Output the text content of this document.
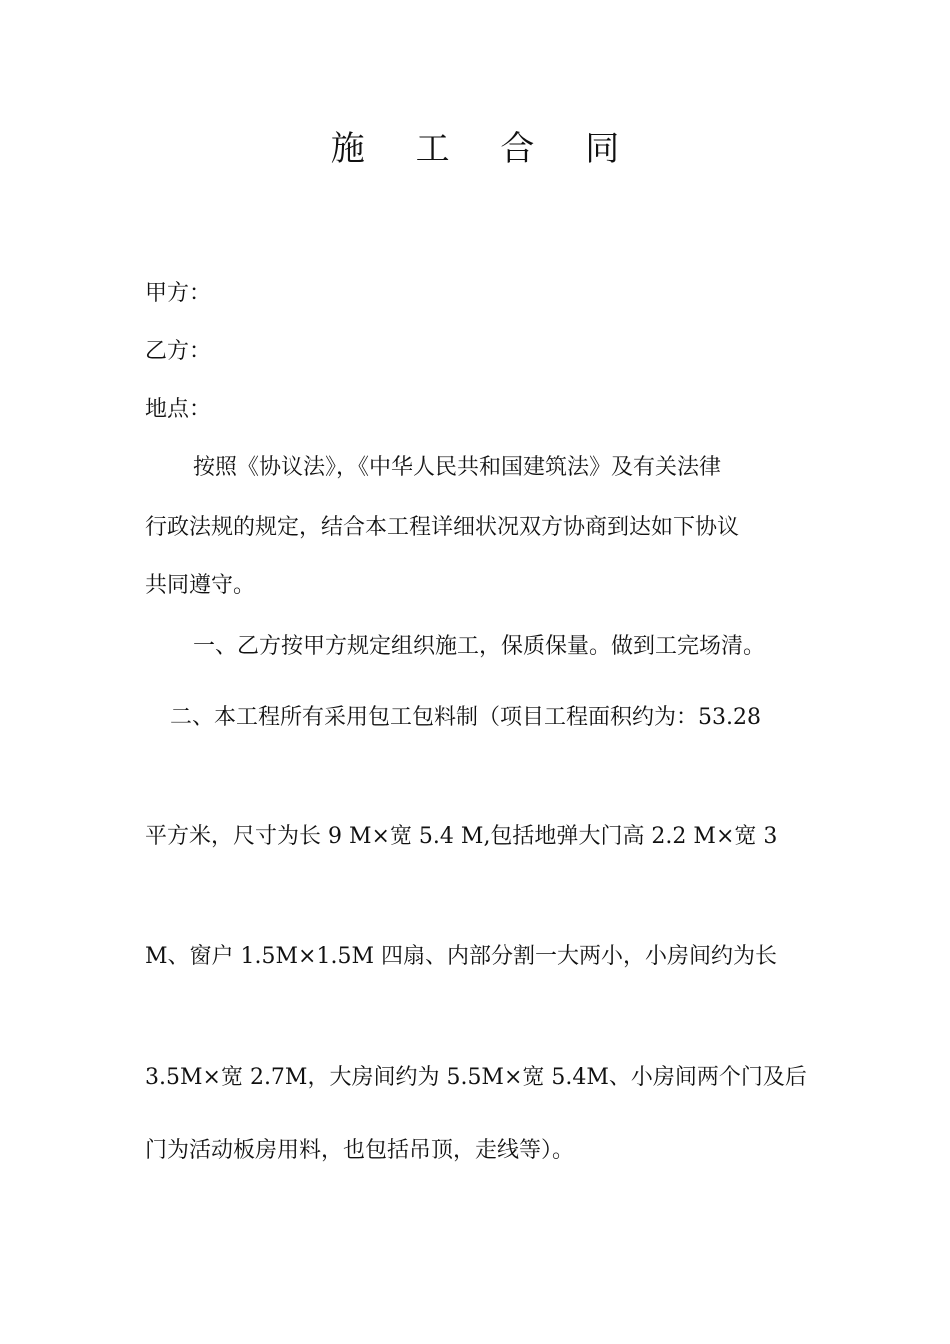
施 工 合 同

甲方：

乙方：

地点：

按照《协议法》，《中华人民共和国建筑法》及有关法律

行政法规的规定，结合本工程详细状况双方协商到达如下协议

共同遵守。

一、乙方按甲方规定组织施工，保质保量。做到工完场清。

二、本工程所有采用包工包料制（项目工程面积约为：53.28

平方米，尺寸为长 9 M×宽 5.4 M,包括地弹大门高 2.2 M×宽 3

M、窗户 1.5M×1.5M 四扇、内部分割一大两小，小房间约为长

3.5M×宽 2.7M，大房间约为 5.5M×宽 5.4M、小房间两个门及后

门为活动板房用料，也包括吊顶，走线等）。
